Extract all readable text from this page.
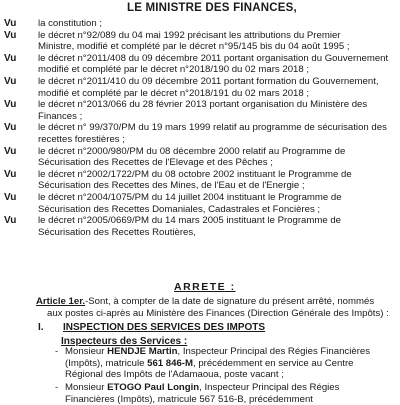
LE MINISTRE DES FINANCES,
Vu	la constitution ;
Vu	le décret n°92/089 du 04 mai 1992 précisant les attributions du Premier
Ministre, modifié et complété par le décret n°95/145 bis du 04 août 1995 ;
Vu	le décret n°2011/408 du 09 décembre 2011 portant organisation du Gouvernement
modifié et complété par le décret n°2018/190 du 02 mars 2018 ;
Vu	le décret n°2011/410 du 09 décembre 2011 portant formation du Gouvernement,
modifié et complété par le décret n°2018/191 du 02 mars 2018 ;
Vu	le décret n°2013/066 du 28 février 2013 portant organisation du Ministère des
Finances ;
Vu	le décret n° 99/370/PM du 19 mars 1999 relatif au programme de sécurisation des
recettes forestières ;
Vu	le décret n°2000/980/PM du 08 décembre 2000 relatif au Programme de
Sécurisation des Recettes de l'Elevage et des Pêches ;
Vu	le décret n°2002/1722/PM du 08 octobre 2002 instituant le Programme de
Sécurisation des Recettes des Mines, de l'Eau et de l'Energie ;
Vu	le décret n°2004/1075/PM du 14 juillet 2004 instituant le Programme de
Sécurisation des Recettes Domaniales, Cadastrales et Foncières ;
Vu	le décret n°2005/0669/PM du 14 mars 2005 instituant le Programme de
Sécurisation des Recettes Routières,
ARRETE :
Article 1er.-Sont, à compter de la date de signature du présent arrêté, nommés
aux postes ci-après au Ministère des Finances (Direction Générale des Impôts) :
I. INSPECTION DES SERVICES DES IMPOTS
Inspecteurs des Services :
- Monsieur HENDJE Martin, Inspecteur Principal des Régies Financières
(Impôts), matricule 561 846-M, précédemment en service au Centre
Régional des Impôts de l'Adamaoua, poste vacant ;
- Monsieur ETOGO Paul Longin, Inspecteur Principal des Régies
Financières (Impôts), matricule 567 516-B, précédemment
